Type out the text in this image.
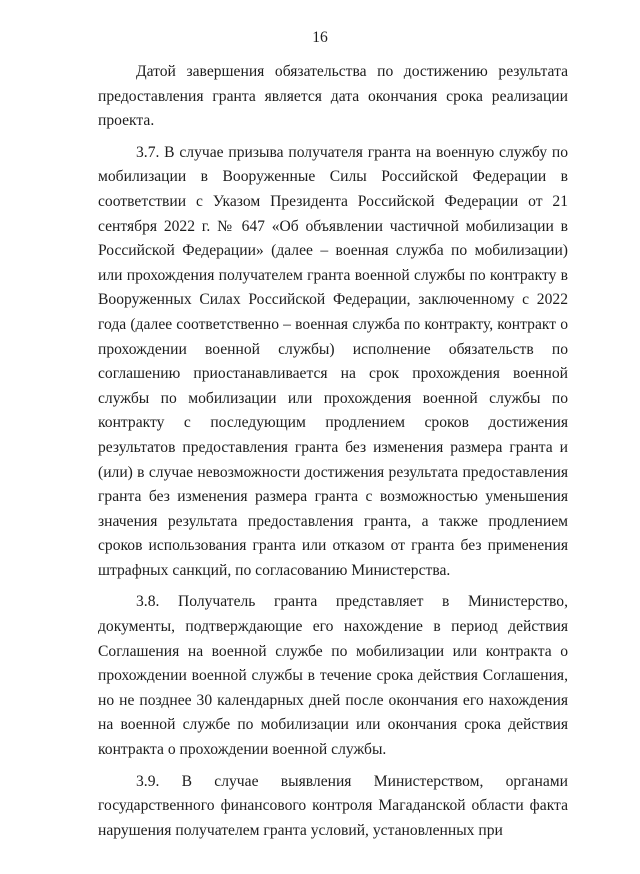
16

Датой завершения обязательства по достижению результата предоставления гранта является дата окончания срока реализации проекта.

3.7. В случае призыва получателя гранта на военную службу по мобилизации в Вооруженные Силы Российской Федерации в соответствии с Указом Президента Российской Федерации от 21 сентября 2022 г. № 647 «Об объявлении частичной мобилизации в Российской Федерации» (далее – военная служба по мобилизации) или прохождения получателем гранта военной службы по контракту в Вооруженных Силах Российской Федерации, заключенному с 2022 года (далее соответственно – военная служба по контракту, контракт о прохождении военной службы) исполнение обязательств по соглашению приостанавливается на срок прохождения военной службы по мобилизации или прохождения военной службы по контракту с последующим продлением сроков достижения результатов предоставления гранта без изменения размера гранта и (или) в случае невозможности достижения результата предоставления гранта без изменения размера гранта с возможностью уменьшения значения результата предоставления гранта, а также продлением сроков использования гранта или отказом от гранта без применения штрафных санкций, по согласованию Министерства.

3.8. Получатель гранта представляет в Министерство, документы, подтверждающие его нахождение в период действия Соглашения на военной службе по мобилизации или контракта о прохождении военной службы в течение срока действия Соглашения, но не позднее 30 календарных дней после окончания его нахождения на военной службе по мобилизации или окончания срока действия контракта о прохождении военной службы.

3.9. В случае выявления Министерством, органами государственного финансового контроля Магаданской области факта нарушения получателем гранта условий, установленных при
